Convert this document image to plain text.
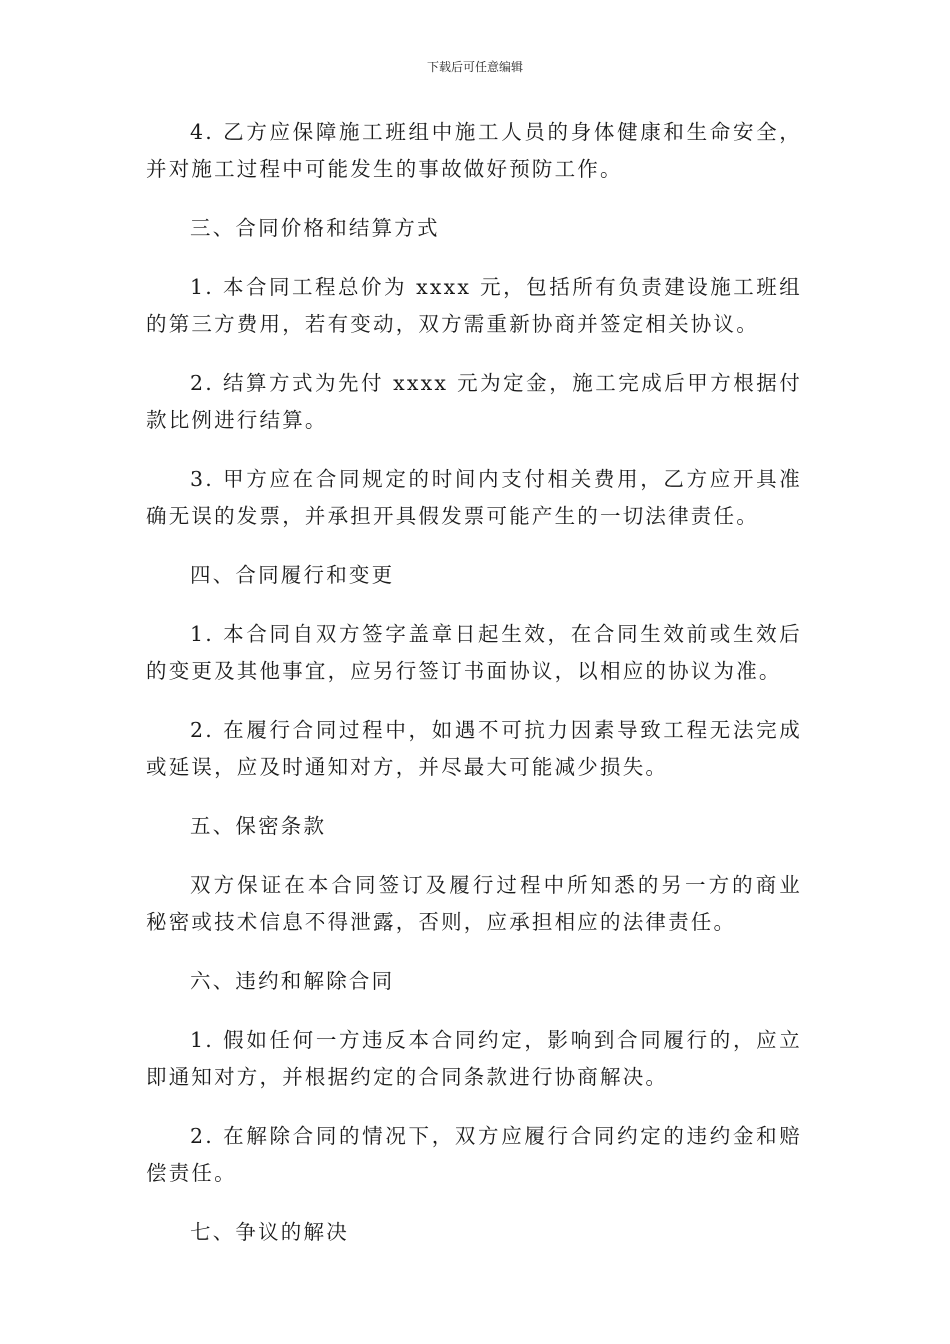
下载后可任意编辑

4. 乙方应保障施工班组中施工人员的身体健康和生命安全，并对施工过程中可能发生的事故做好预防工作。

三、合同价格和结算方式

1. 本合同工程总价为 xxxx 元，包括所有负责建设施工班组的第三方费用，若有变动，双方需重新协商并签定相关协议。

2. 结算方式为先付 xxxx 元为定金，施工完成后甲方根据付款比例进行结算。

3. 甲方应在合同规定的时间内支付相关费用，乙方应开具准确无误的发票，并承担开具假发票可能产生的一切法律责任。

四、合同履行和变更

1. 本合同自双方签字盖章日起生效，在合同生效前或生效后的变更及其他事宜，应另行签订书面协议，以相应的协议为准。

2. 在履行合同过程中，如遇不可抗力因素导致工程无法完成或延误，应及时通知对方，并尽最大可能减少损失。

五、保密条款

双方保证在本合同签订及履行过程中所知悉的另一方的商业秘密或技术信息不得泄露，否则，应承担相应的法律责任。

六、违约和解除合同

1. 假如任何一方违反本合同约定，影响到合同履行的，应立即通知对方，并根据约定的合同条款进行协商解决。

2. 在解除合同的情况下，双方应履行合同约定的违约金和赔偿责任。

七、争议的解决
